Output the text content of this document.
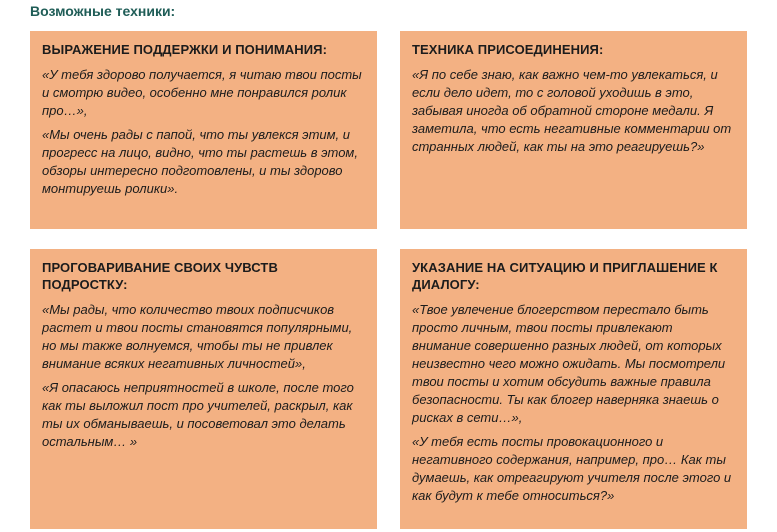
Возможные техники:

ВЫРАЖЕНИЕ ПОДДЕРЖКИ И ПОНИМАНИЯ:

«У тебя здорово получается, я читаю твои посты и смотрю видео, особенно мне понравился ролик про…»,

«Мы очень рады с папой, что ты увлекся этим, и прогресс на лицо, видно, что ты растешь в этом, обзоры интересно подготовлены, и ты здорово монтируешь ролики».

ТЕХНИКА ПРИСОЕДИНЕНИЯ:

«Я по себе знаю, как важно чем-то увлекаться, и если дело идет, то с головой уходишь в это, забывая иногда об обратной стороне медали. Я заметила, что есть негативные комментарии от странных людей, как ты на это реагируешь?»

ПРОГОВАРИВАНИЕ СВОИХ ЧУВСТВ ПОДРОСТКУ:

«Мы рады, что количество твоих подписчиков растет и твои посты становятся популярными, но мы также волнуемся, чтобы ты не привлек внимание всяких негативных личностей»,

«Я опасаюсь неприятностей в школе, после того как ты выложил пост про учителей, раскрыл, как ты их обманываешь, и посоветовал это делать остальным… »

УКАЗАНИЕ НА СИТУАЦИЮ И ПРИГЛАШЕНИЕ К ДИАЛОГУ:

«Твое увлечение блогерством перестало быть просто личным, твои посты привлекают внимание совершенно разных людей, от которых неизвестно чего можно ожидать. Мы посмотрели твои посты и хотим обсудить важные правила безопасности. Ты как блогер наверняка знаешь о рисках в сети…»,

«У тебя есть посты провокационного и негативного содержания, например, про… Как ты думаешь, как отреагируют учителя после этого и как будут к тебе относиться?»
